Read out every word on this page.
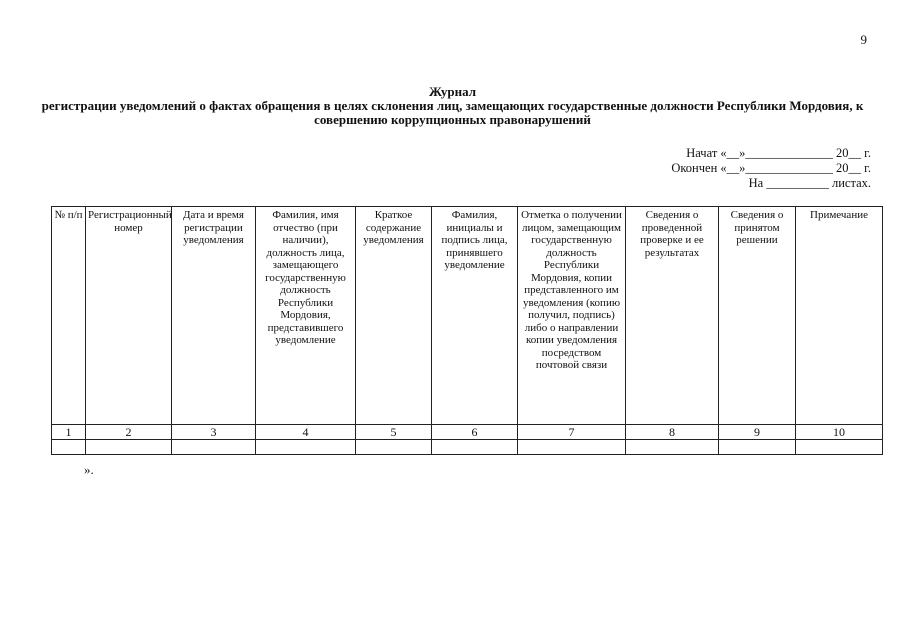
9
Журнал
регистрации уведомлений о фактах обращения в целях склонения лиц, замещающих государственные должности Республики Мордовия, к совершению коррупционных правонарушений
Начат «__»______________ 20__ г.
Окончен «__»______________ 20__ г.
На __________ листах.
№ п/п	Регистрационный номер	Дата и время регистрации уведомления	Фамилия, имя отчество (при наличии), должность лица, замещающего государственную должность Республики Мордовия, представившего уведомление	Краткое содержание уведомления	Фамилия, инициалы и подпись лица, принявшего уведомление	Отметка о получении лицом, замещающим государственную должность Республики Мордовия, копии представленного им уведомления (копию получил, подпись) либо о направлении копии уведомления посредством почтовой связи	Сведения о проведенной проверке и ее результатах	Сведения о принятом решении	Примечание
1	2	3	4	5	6	7	8	9	10

».
